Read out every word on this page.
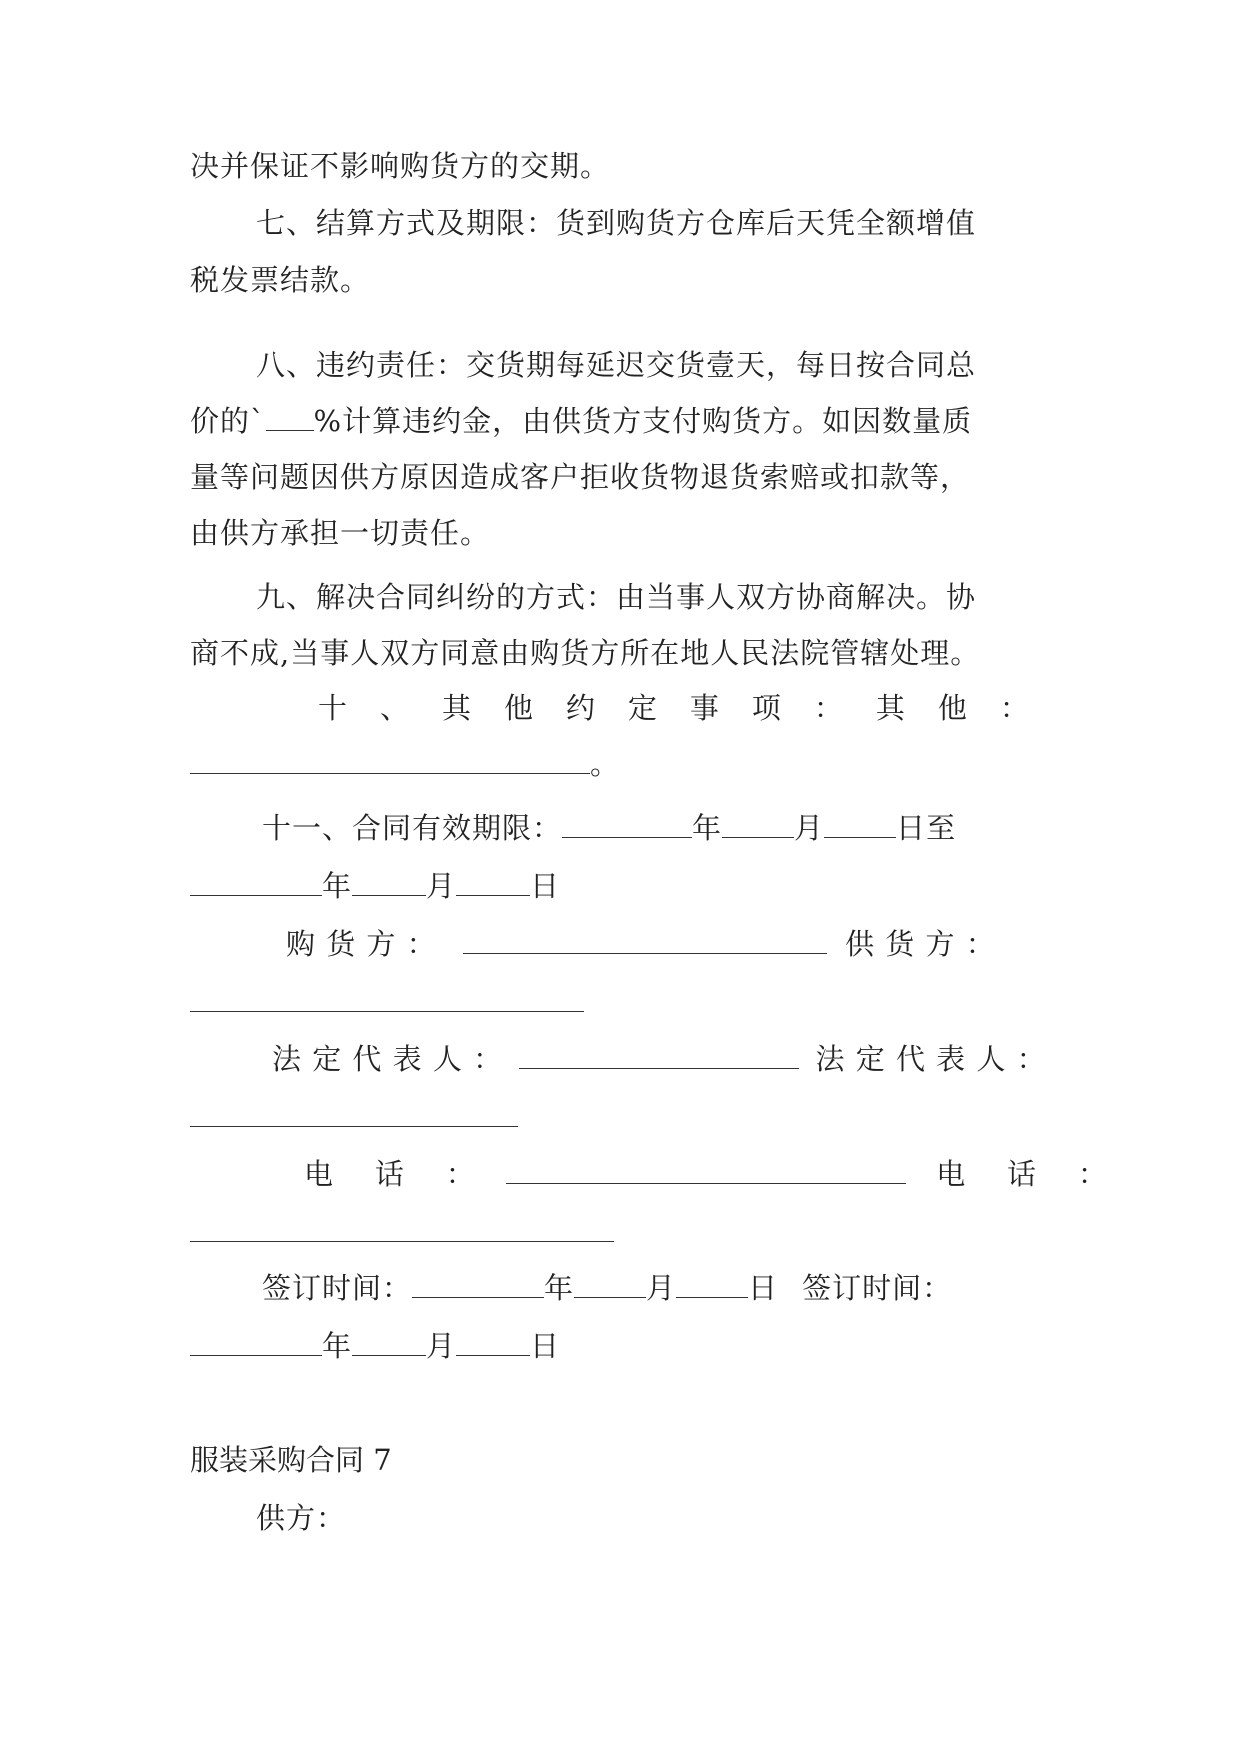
决并保证不影响购货方的交期。
七、结算方式及期限：货到购货方仓库后天凭全额增值
税发票结款。
八、违约责任：交货期每延迟交货壹天，每日按合同总
价的` %计算违约金，由供货方支付购货方。如因数量质
量等问题因供方原因造成客户拒收货物退货索赔或扣款等，
由供方承担一切责任。
九、解决合同纠纷的方式：由当事人双方协商解决。协
商不成,当事人双方同意由购货方所在地人民法院管辖处理。
十 、 其 他 约 定 事 项 ： 其 他 ：
。
十一、合同有效期限：	年 月 日至
年	月	日
购 货 方 ：	供 货 方 ：
法 定 代 表 人 ：	法 定 代 表 人 ：
电    话    ：	电    话    ：
签订时间：	年 月 日 签订时间：
年	月	日
服装采购合同 7
供方：
